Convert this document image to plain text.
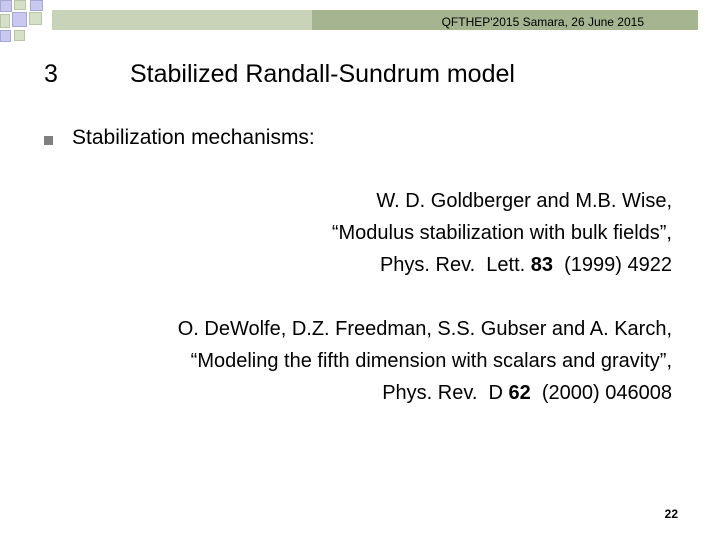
QFTHEP'2015 Samara, 26 June 2015
3	Stabilized Randall-Sundrum model
Stabilization mechanisms:
W. D. Goldberger and M.B. Wise,
“Modulus stabilization with bulk fields”,
Phys. Rev.  Lett. 83  (1999) 4922
O. DeWolfe, D.Z. Freedman, S.S. Gubser and A. Karch,
“Modeling the fifth dimension with scalars and gravity”,
Phys. Rev.  D 62  (2000) 046008
22
